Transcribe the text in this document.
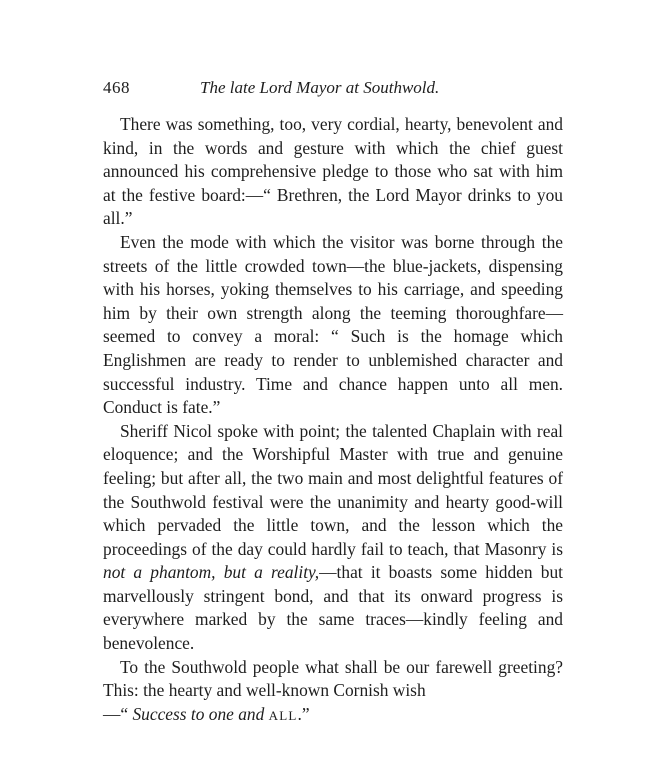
468	The late Lord Mayor at Southwold.

There was something, too, very cordial, hearty, benevolent and kind, in the words and gesture with which the chief guest announced his comprehensive pledge to those who sat with him at the festive board:—“ Brethren, the Lord Mayor drinks to you all.”

Even the mode with which the visitor was borne through the streets of the little crowded town—the blue-jackets, dispensing with his horses, yoking themselves to his carriage, and speeding him by their own strength along the teeming thoroughfare—seemed to convey a moral: “ Such is the homage which Englishmen are ready to render to unblemished character and successful industry. Time and chance happen unto all men. Conduct is fate.”

Sheriff Nicol spoke with point; the talented Chaplain with real eloquence; and the Worshipful Master with true and genuine feeling; but after all, the two main and most delightful features of the Southwold festival were the unanimity and hearty good-will which pervaded the little town, and the lesson which the proceedings of the day could hardly fail to teach, that Masonry is not a phantom, but a reality,—that it boasts some hidden but marvellously stringent bond, and that its onward progress is everywhere marked by the same traces—kindly feeling and benevolence.

To the Southwold people what shall be our farewell greeting? This: the hearty and well-known Cornish wish
—“ Success to one and ALL.”
